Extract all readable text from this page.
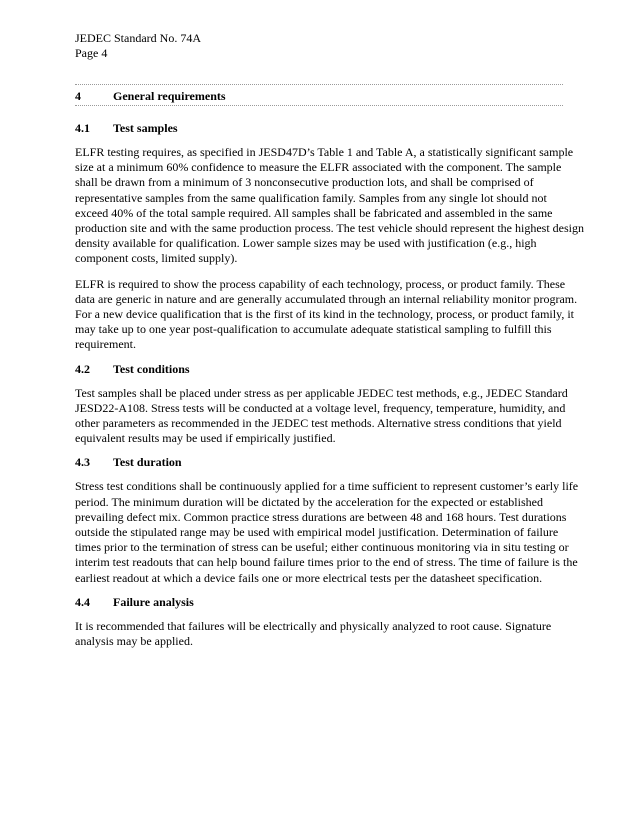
JEDEC Standard No. 74A
Page 4
4	General requirements
4.1	Test samples

ELFR testing requires, as specified in JESD47D’s Table 1 and Table A, a statistically significant sample
size at a minimum 60% confidence to measure the ELFR associated with the component. The sample
shall be drawn from a minimum of 3 nonconsecutive production lots, and shall be comprised of
representative samples from the same qualification family. Samples from any single lot should not
exceed 40% of the total sample required. All samples shall be fabricated and assembled in the same
production site and with the same production process. The test vehicle should represent the highest design
density available for qualification. Lower sample sizes may be used with justification (e.g., high
component costs, limited supply).

ELFR is required to show the process capability of each technology, process, or product family. These
data are generic in nature and are generally accumulated through an internal reliability monitor program.
For a new device qualification that is the first of its kind in the technology, process, or product family, it
may take up to one year post-qualification to accumulate adequate statistical sampling to fulfill this
requirement.

4.2	Test conditions

Test samples shall be placed under stress as per applicable JEDEC test methods, e.g., JEDEC Standard
JESD22-A108. Stress tests will be conducted at a voltage level, frequency, temperature, humidity, and
other parameters as recommended in the JEDEC test methods. Alternative stress conditions that yield
equivalent results may be used if empirically justified.

4.3	Test duration

Stress test conditions shall be continuously applied for a time sufficient to represent customer’s early life
period. The minimum duration will be dictated by the acceleration for the expected or established
prevailing defect mix. Common practice stress durations are between 48 and 168 hours. Test durations
outside the stipulated range may be used with empirical model justification. Determination of failure
times prior to the termination of stress can be useful; either continuous monitoring via in situ testing or
interim test readouts that can help bound failure times prior to the end of stress. The time of failure is the
earliest readout at which a device fails one or more electrical tests per the datasheet specification.

4.4	Failure analysis

It is recommended that failures will be electrically and physically analyzed to root cause. Signature
analysis may be applied.
